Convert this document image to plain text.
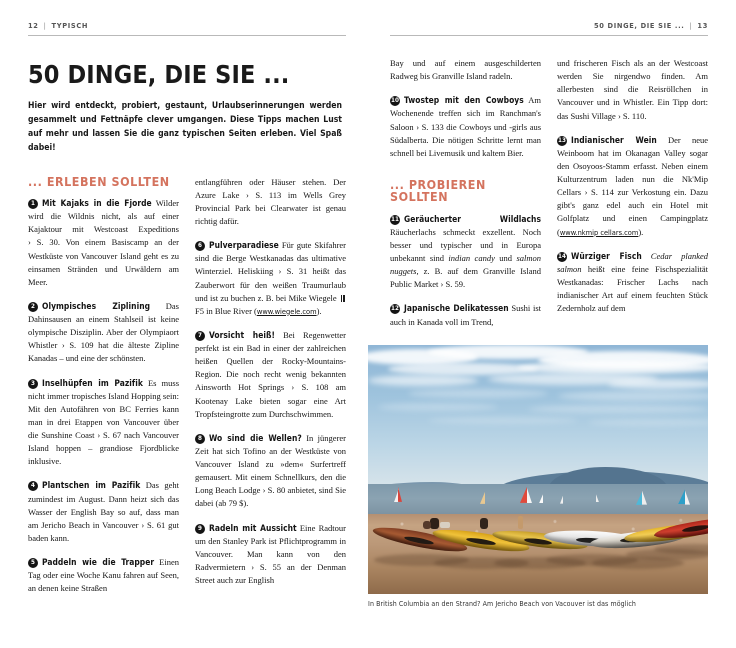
12 | TYPISCH
50 DINGE, DIE SIE ...

Hier wird entdeckt, probiert, gestaunt, Urlaubserinnerungen werden gesammelt und Fettnäpfe clever umgangen. Diese Tipps machen Lust auf mehr und lassen Sie die ganz typischen Seiten erleben. Viel Spaß dabei!

... ERLEBEN SOLLTEN

1 Mit Kajaks in die Fjorde Wilder wird die Wildnis nicht, als auf einer Kajaktour mit Westcoast Expeditions › S. 30. Von einem Basiscamp an der Westküste von Vancouver Island geht es zu einsamen Stränden und Urwäldern am Meer.

2 Olympisches Ziplining Das Dahinsausen an einem Stahlseil ist keine olympische Disziplin. Aber der Olympiaort Whistler › S. 109 hat die älteste Zipline Kanadas – und eine der schönsten.

3 Inselhüpfen im Pazifik Es muss nicht immer tropisches Island Hopping sein: Mit den Autofähren von BC Ferries kann man in drei Etappen von Vancouver über die Sunshine Coast › S. 67 nach Vancouver Island hoppen – grandiose Fjordblicke inklusive.

4 Plantschen im Pazifik Das geht zumindest im August. Dann heizt sich das Wasser der English Bay so auf, dass man am Jericho Beach in Vancouver › S. 61 gut baden kann.

5 Paddeln wie die Trapper Einen Tag oder eine Woche Kanu fahren auf Seen, an denen keine Straßen

entlangführen oder Häuser stehen. Der Azure Lake › S. 113 im Wells Grey Provincial Park bei Clearwater ist genau richtig dafür.

6 Pulverparadiese Für gute Skifahrer sind die Berge Westkanadas das ultimative Winterziel. Heliskiing › S. 31 heißt das Zauberwort für den weißen Traumurlaub und ist zu buchen z. B. bei Mike Wiegele F5 in Blue River (www.wiegele.com).

7 Vorsicht heiß! Bei Regenwetter perfekt ist ein Bad in einer der zahlreichen heißen Quellen der Rocky-Mountains-Region. Die noch recht wenig bekannten Ainsworth Hot Springs › S. 108 am Kootenay Lake bieten sogar eine Art Tropfsteingrotte zum Durchschwimmen.

8 Wo sind die Wellen? In jüngerer Zeit hat sich Tofino an der Westküste von Vancouver Island zu »dem« Surfertreff gemausert. Mit einem Schnellkurs, den die Long Beach Lodge › S. 80 anbietet, sind Sie dabei (ab 79 $).

9 Radeln mit Aussicht Eine Radtour um den Stanley Park ist Pflichtprogramm in Vancouver. Man kann von den Radvermietern › S. 55 an der Denman Street auch zur English

50 DINGE, DIE SIE ... | 13

Bay und auf einem ausgeschilderten Radweg bis Granville Island radeln.

10 Twostep mit den Cowboys Am Wochenende treffen sich im Ranchman's Saloon › S. 133 die Cowboys und -girls aus Südalberta. Die nötigen Schritte lernt man schnell bei Livemusik und kaltem Bier.

... PROBIEREN SOLLTEN

11 Geräucherter Wildlachs Räucherlachs schmeckt exzellent. Noch besser und typischer und in Europa unbekannt sind indian candy und salmon nuggets, z. B. auf dem Granville Island Public Market › S. 59.

12 Japanische Delikatessen Sushi ist auch in Kanada voll im Trend,

und frischeren Fisch als an der Westcoast werden Sie nirgendwo finden. Am allerbesten sind die Reisröllchen in Vancouver und in Whistler. Ein Tipp dort: das Sushi Village › S. 110.

13 Indianischer Wein Der neue Weinboom hat im Okanagan Valley sogar den Osoyoos-Stamm erfasst. Neben einem Kulturzentrum laden nun die Nk'Mip Cellars › S. 114 zur Verkostung ein. Dazu gibt's ganz edel auch ein Hotel mit Golfplatz und einen Campingplatz (www.nkmip cellars.com).

14 Würziger Fisch Cedar planked salmon heißt eine feine Fischspezialität Westkanadas: Frischer Lachs nach indianischer Art auf einem feuchten Stück Zedernholz auf dem

In British Columbia an den Strand? Am Jericho Beach von Vacouver ist das möglich
